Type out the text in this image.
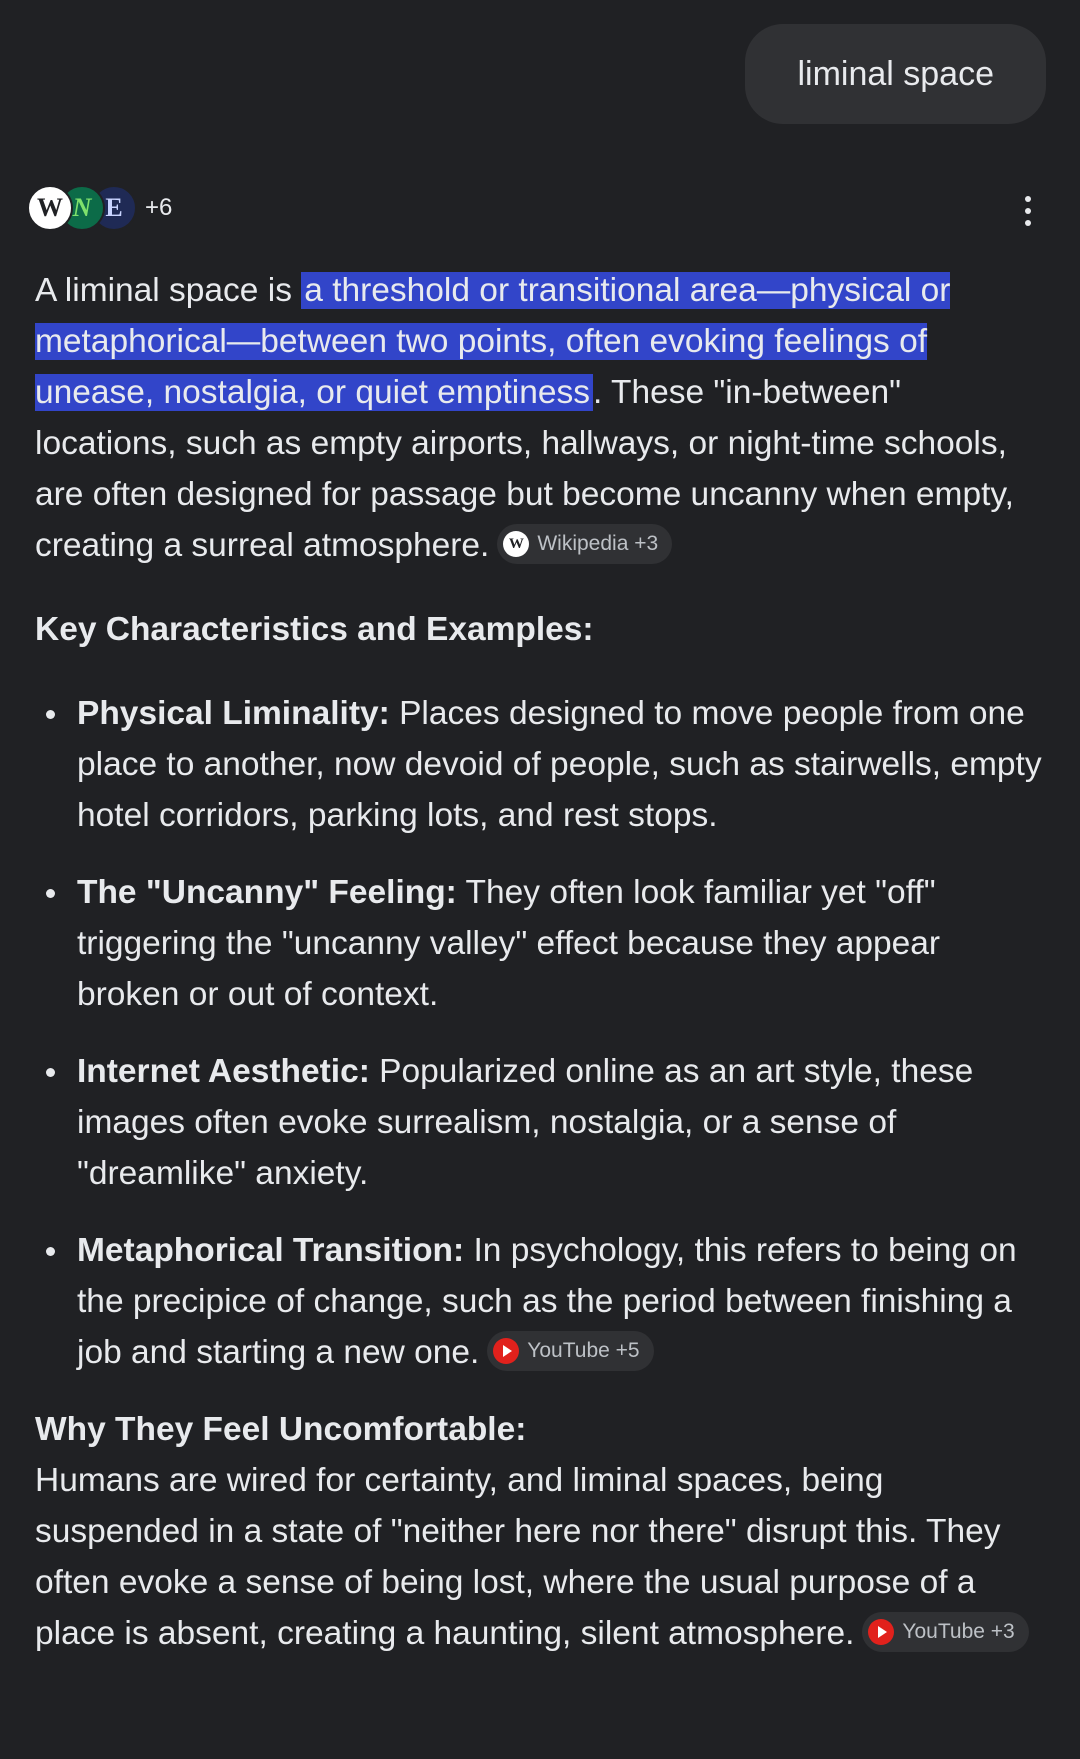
liminal space
W N E +6

A liminal space is a threshold or transitional area—physical or metaphorical—between two points, often evoking feelings of unease, nostalgia, or quiet emptiness. These "in-between" locations, such as empty airports, hallways, or night-time schools, are often designed for passage but become uncanny when empty, creating a surreal atmosphere.	W Wikipedia +3

Key Characteristics and Examples:

Physical Liminality: Places designed to move people from one place to another, now devoid of people, such as stairwells, empty hotel corridors, parking lots, and rest stops.
The "Uncanny" Feeling: They often look familiar yet "off" triggering the "uncanny valley" effect because they appear broken or out of context.
Internet Aesthetic: Popularized online as an art style, these images often evoke surrealism, nostalgia, or a sense of "dreamlike" anxiety.
Metaphorical Transition: In psychology, this refers to being on the precipice of change, such as the period between finishing a job and starting a new one. YouTube +5

Why They Feel Uncomfortable:

Humans are wired for certainty, and liminal spaces, being suspended in a state of "neither here nor there" disrupt this. They often evoke a sense of being lost, where the usual purpose of a place is absent, creating a haunting, silent atmosphere. YouTube +3
